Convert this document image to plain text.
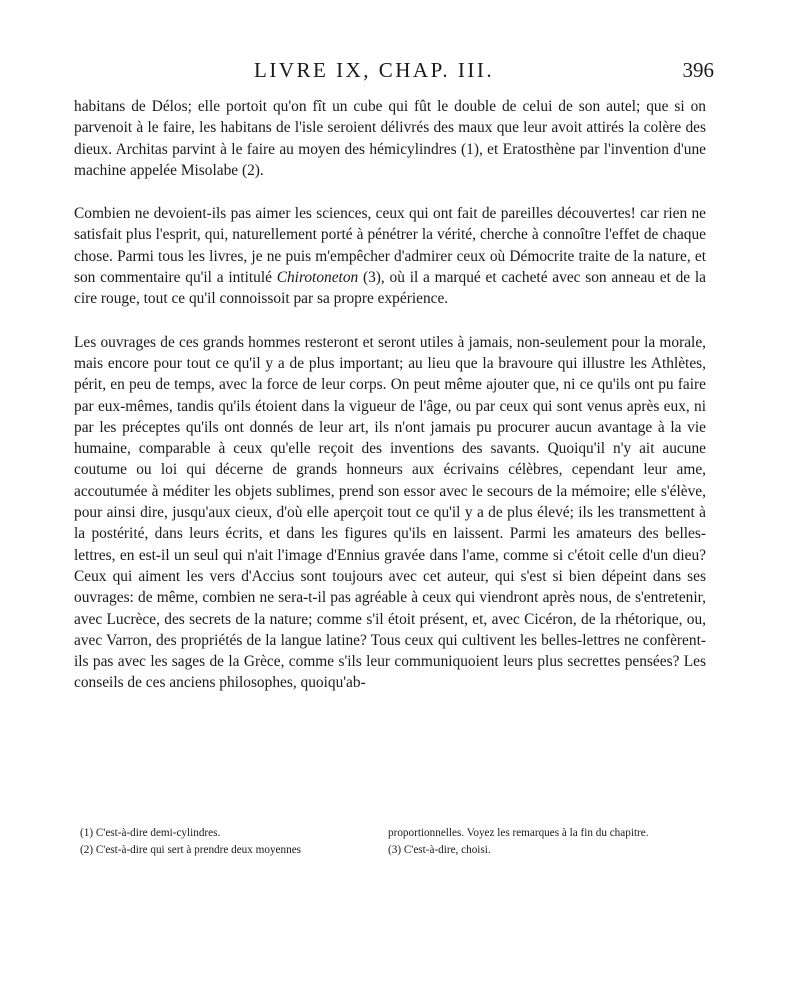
LIVRE IX, CHAP. III.	396

habitans de Délos; elle portoit qu'on fît un cube qui fût le double de celui de son autel; que si on parvenoit à le faire, les habitans de l'isle seroient délivrés des maux que leur avoit attirés la colère des dieux. Architas parvint à le faire au moyen des hémicylindres (1), et Eratosthène par l'invention d'une machine appelée Misolabe (2).

Combien ne devoient-ils pas aimer les sciences, ceux qui ont fait de pareilles découvertes! car rien ne satisfait plus l'esprit, qui, naturellement porté à pénétrer la vérité, cherche à connoître l'effet de chaque chose. Parmi tous les livres, je ne puis m'empêcher d'admirer ceux où Démocrite traite de la nature, et son commentaire qu'il a intitulé Chirotoneton (3), où il a marqué et cacheté avec son anneau et de la cire rouge, tout ce qu'il connoissoit par sa propre expérience.

Les ouvrages de ces grands hommes resteront et seront utiles à jamais, non-seulement pour la morale, mais encore pour tout ce qu'il y a de plus important; au lieu que la bravoure qui illustre les Athlètes, périt, en peu de temps, avec la force de leur corps. On peut même ajouter que, ni ce qu'ils ont pu faire par eux-mêmes, tandis qu'ils étoient dans la vigueur de l'âge, ou par ceux qui sont venus après eux, ni par les préceptes qu'ils ont donnés de leur art, ils n'ont jamais pu procurer aucun avantage à la vie humaine, comparable à ceux qu'elle reçoit des inventions des savants. Quoiqu'il n'y ait aucune coutume ou loi qui décerne de grands honneurs aux écrivains célèbres, cependant leur ame, accoutumée à méditer les objets sublimes, prend son essor avec le secours de la mémoire; elle s'élève, pour ainsi dire, jusqu'aux cieux, d'où elle aperçoit tout ce qu'il y a de plus élevé; ils les transmettent à la postérité, dans leurs écrits, et dans les figures qu'ils en laissent. Parmi les amateurs des belles-lettres, en est-il un seul qui n'ait l'image d'Ennius gravée dans l'ame, comme si c'étoit celle d'un dieu? Ceux qui aiment les vers d'Accius sont toujours avec cet auteur, qui s'est si bien dépeint dans ses ouvrages: de même, combien ne sera-t-il pas agréable à ceux qui viendront après nous, de s'entretenir, avec Lucrèce, des secrets de la nature; comme s'il étoit présent, et, avec Cicéron, de la rhétorique, ou, avec Varron, des propriétés de la langue latine? Tous ceux qui cultivent les belles-lettres ne confèrent-ils pas avec les sages de la Grèce, comme s'ils leur communiquoient leurs plus secrettes pensées? Les conseils de ces anciens philosophes, quoiqu'ab-

(1) C'est-à-dire demi-cylindres.
(2) C'est-à-dire qui sert à prendre deux moyennes
proportionnelles. Voyez les remarques à la fin du chapitre.
(3) C'est-à-dire, choisi.
